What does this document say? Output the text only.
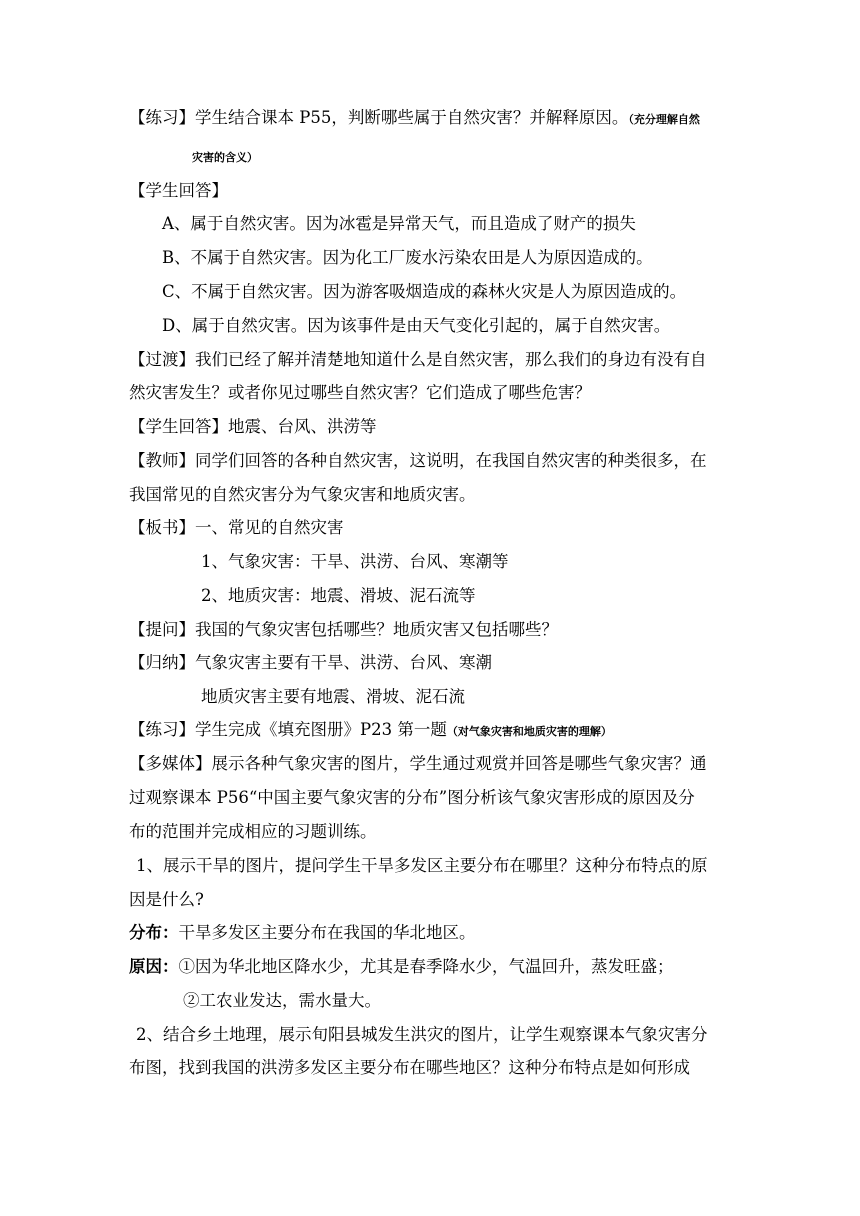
【练习】学生结合课本 P55，判断哪些属于自然灾害？并解释原因。（充分理解自然
灾害的含义）
【学生回答】
A、属于自然灾害。因为冰雹是异常天气，而且造成了财产的损失
B、不属于自然灾害。因为化工厂废水污染农田是人为原因造成的。
C、不属于自然灾害。因为游客吸烟造成的森林火灾是人为原因造成的。
D、属于自然灾害。因为该事件是由天气变化引起的，属于自然灾害。
【过渡】我们已经了解并清楚地知道什么是自然灾害，那么我们的身边有没有自
然灾害发生？或者你见过哪些自然灾害？它们造成了哪些危害？
【学生回答】地震、台风、洪涝等
【教师】同学们回答的各种自然灾害，这说明，在我国自然灾害的种类很多，在
我国常见的自然灾害分为气象灾害和地质灾害。
【板书】一、常见的自然灾害
1、气象灾害：干旱、洪涝、台风、寒潮等
2、地质灾害：地震、滑坡、泥石流等
【提问】我国的气象灾害包括哪些？地质灾害又包括哪些？
【归纳】气象灾害主要有干旱、洪涝、台风、寒潮
地质灾害主要有地震、滑坡、泥石流
【练习】学生完成《填充图册》P23 第一题（对气象灾害和地质灾害的理解）
【多媒体】展示各种气象灾害的图片，学生通过观赏并回答是哪些气象灾害？通
过观察课本 P56“中国主要气象灾害的分布”图分析该气象灾害形成的原因及分
布的范围并完成相应的习题训练。
1、展示干旱的图片，提问学生干旱多发区主要分布在哪里？这种分布特点的原
因是什么?
分布：干旱多发区主要分布在我国的华北地区。
原因：①因为华北地区降水少，尤其是春季降水少，气温回升，蒸发旺盛；
②工农业发达，需水量大。
2、结合乡土地理，展示旬阳县城发生洪灾的图片，让学生观察课本气象灾害分
布图，找到我国的洪涝多发区主要分布在哪些地区？这种分布特点是如何形成
